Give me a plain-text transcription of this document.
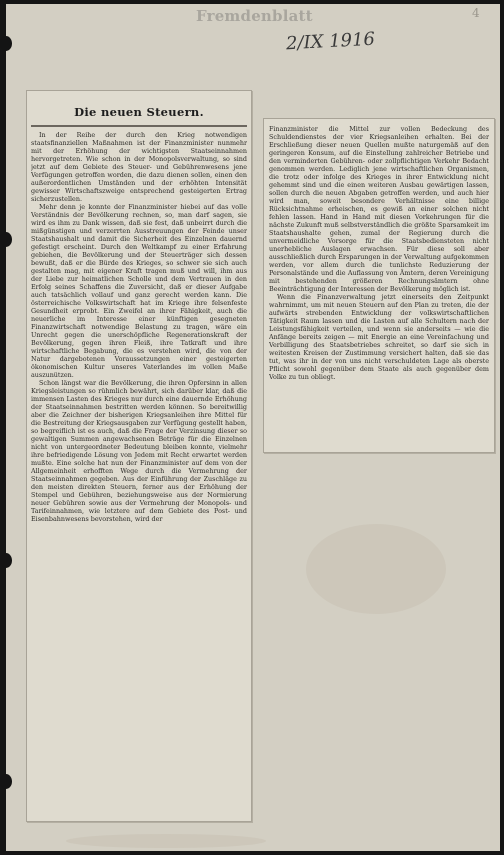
Fremdenblatt
2/IX 1916
4
Die neuen Steuern.

In der Reihe der durch den Krieg notwendigen staatsfinanziellen Maßnahmen ist der Finanzminister nunmehr mit der Erhöhung der wichtigsten Staatseinnahmen hervorgetreten. Wie schon in der Monopolsverwaltung, so sind jetzt auf dem Gebiete des Steuer- und Gebührenwesens jene Verfügungen getroffen worden, die dazu dienen sollen, einen den außerordentlichen Umständen und der erhöhten Intensität gewisser Wirtschaftszweige entsprechend gesteigerten Ertrag sicherzustellen.

Mehr denn je konnte der Finanzminister hiebei auf das volle Verständnis der Bevölkerung rechnen, so, man darf sagen, sie wird es ihm zu Dank wissen, daß sie fest, daß unbeirrt durch die mißgünstigen und verzerrten Ausstreuungen der Feinde unser Staatshaushalt und damit die Sicherheit des Einzelnen dauernd gefestigt erscheint. Durch den Weltkampf zu einer Erfahrung gebiehen, die Bevölkerung und der Steuerträger sich dessen bewußt, daß er die Bürde des Krieges, so schwer sie sich auch gestalten mag, mit eigener Kraft tragen muß und will, ihm aus der Liebe zur heimatlichen Scholle und dem Vertrauen in den Erfolg seines Schaffens die Zuversicht, daß er dieser Aufgabe auch tatsächlich vollauf und ganz gerecht werden kann. Die österreichische Volkswirtschaft hat im Kriege ihre felsenfeste Gesundheit erprobt. Ein Zweifel an ihrer Fähigkeit, auch die neuerliche im Interesse einer künftigen gesegneten Finanzwirtschaft notwendige Belastung zu tragen, wäre ein Unrecht gegen die unerschöpfliche Regenerationskraft der Bevölkerung, gegen ihren Fleiß, ihre Tatkraft und ihre wirtschaftliche Begabung, die es verstehen wird, die von der Natur dargebotenen Voraussetzungen einer gesteigerten ökonomischen Kultur unseres Vaterlandes im vollen Maße auszunützen.

Schon längst war die Bevölkerung, die ihren Opfersinn in allen Kriegsleistungen so rühmlich bewährt, sich darüber klar, daß die immensen Lasten des Krieges nur durch eine dauernde Erhöhung der Staatseinnahmen bestritten werden können. So bereitwillig aber die Zeichner der bisherigen Kriegsanleihen ihre Mittel für die Bestreitung der Kriegsausgaben zur Verfügung gestellt haben, so begreiflich ist es auch, daß die Frage der Verzinsung dieser so gewaltigen Summen angewachsenen Beträge für die Einzelnen nicht von untergeordneter Bedeutung bleiben konnte, vielmehr ihre befriedigende Lösung von Jedem mit Recht erwartet werden mußte. Eine solche hat nun der Finanzminister auf dem von der Allgemeinheit erhofften Wege durch die Vermehrung der Staatseinnahmen gegeben. Aus der Einführung der Zuschläge zu den meisten direkten Steuern, ferner aus der Erhöhung der Stempel und Gebühren, beziehungsweise aus der Normierung neuer Gebühren sowie aus der Vermehrung der Monopols- und Tarifeinnahmen, wie letztere auf dem Gebiete des Post- und Eisenbahnwesens bevorstehen, wird der

Finanzminister die Mittel zur vollen Bedeckung des Schuldendienstes der vier Kriegsanleihen erhalten. Bei der Erschließung dieser neuen Quellen mußte naturgemäß auf den geringeren Konsum, auf die Einstellung zahlreicher Betriebe und den verminderten Gebühren- oder zollpflichtigen Verkehr Bedacht genommen werden. Lediglich jene wirtschaftlichen Organismen, die trotz oder infolge des Krieges in ihrer Entwicklung nicht gehemmt sind und die einen weiteren Ausbau gewärtigen lassen, sollen durch die neuen Abgaben getroffen werden, und auch hier wird man, soweit besondere Verhältnisse eine billige Rücksichtnahme erheischen, es gewiß an einer solchen nicht fehlen lassen. Hand in Hand mit diesen Vorkehrungen für die nächste Zukunft muß selbstverständlich die größte Sparsamkeit im Staatshaushalte gehen, zumal der Regierung durch die unvermeidliche Vorsorge für die Staatsbediensteten nicht unerhebliche Auslagen erwachsen. Für diese soll aber ausschließlich durch Ersparungen in der Verwaltung aufgekommen werden, vor allem durch die tunlichste Reduzierung der Personalstände und die Auflassung von Ämtern, deren Vereinigung mit bestehenden größeren Rechnungsämtern ohne Beeinträchtigung der Interessen der Bevölkerung möglich ist.

Wenn die Finanzverwaltung jetzt einerseits den Zeitpunkt wahrnimmt, um mit neuen Steuern auf den Plan zu treten, die der aufwärts strebenden Entwicklung der volkswirtschaftlichen Tätigkeit Raum lassen und die Lasten auf alle Schultern nach der Leistungsfähigkeit verteilen, und wenn sie anderseits — wie die Anfänge bereits zeigen — mit Energie an eine Vereinfachung und Verbilligung des Staatsbetriebes schreitet, so darf sie sich in weitesten Kreisen der Zustimmung versichert halten, daß sie das tut, was ihr in der von uns nicht verschuldeten Lage als oberste Pflicht sowohl gegenüber dem Staate als auch gegenüber dem Volke zu tun obliegt.
